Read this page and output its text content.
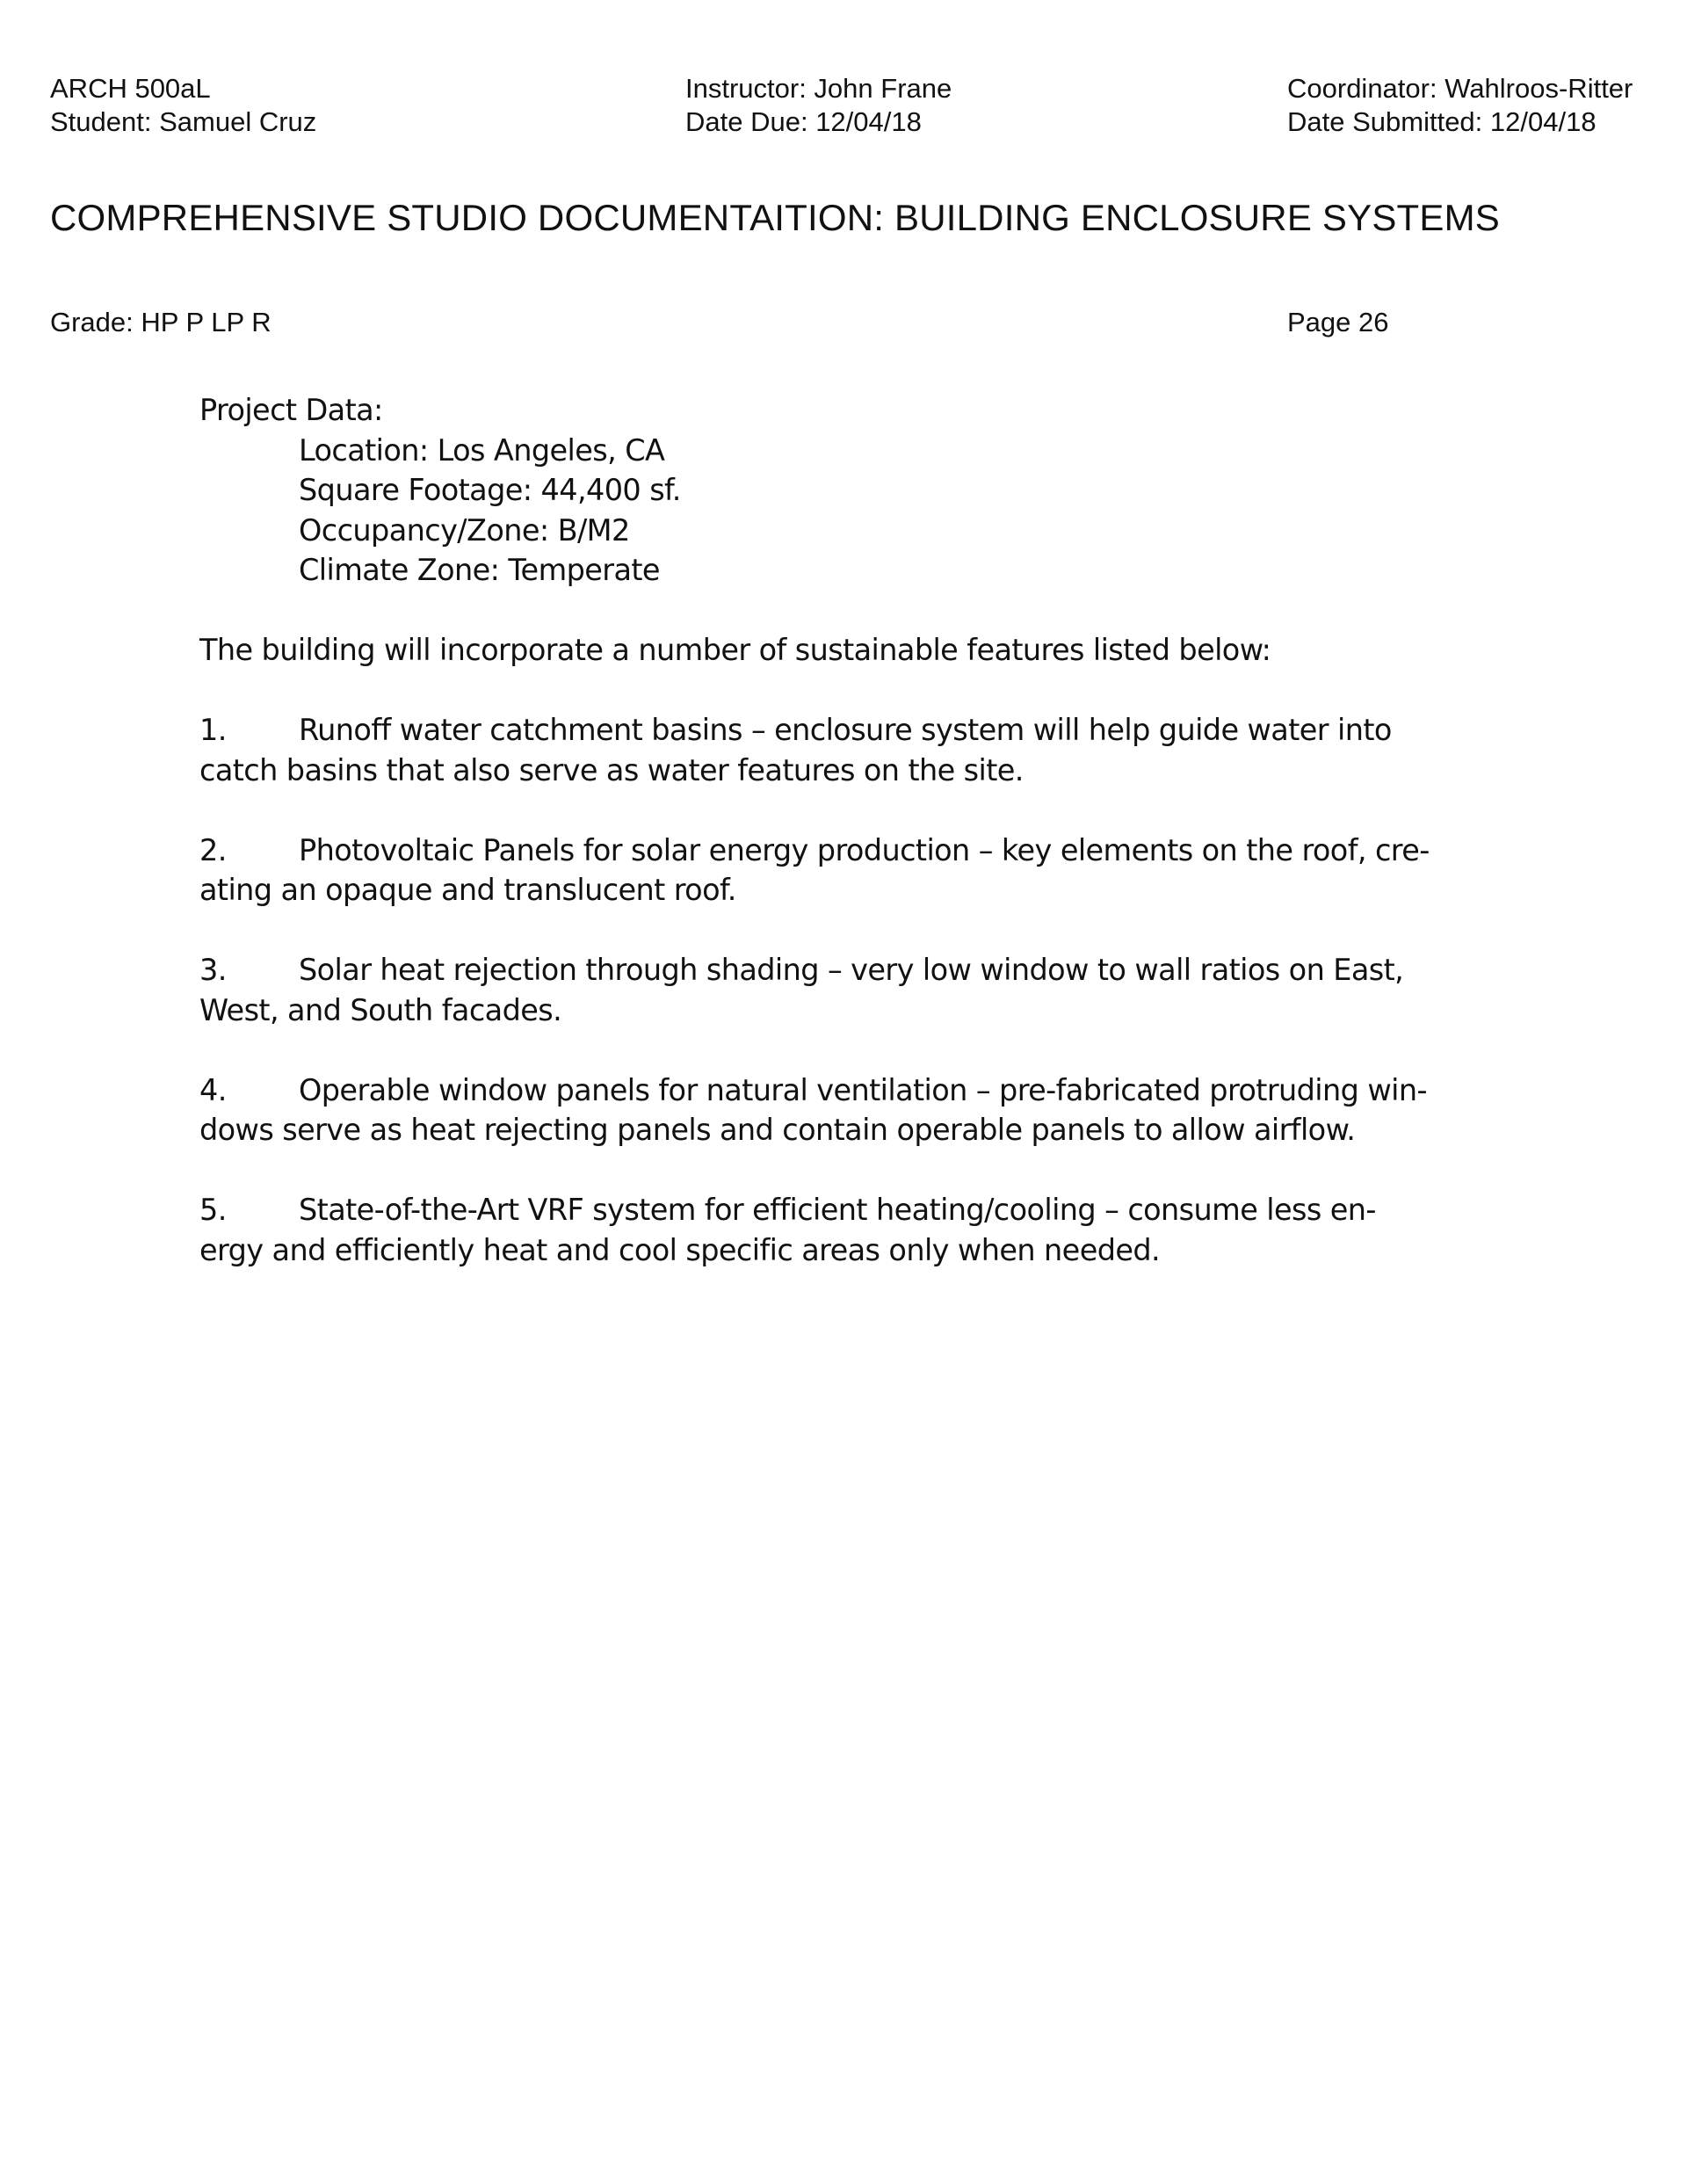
ARCH 500aL
Student: Samuel Cruz
Instructor: John Frane
Date Due: 12/04/18
Coordinator: Wahlroos-Ritter
Date Submitted: 12/04/18
COMPREHENSIVE STUDIO DOCUMENTAITION: BUILDING ENCLOSURE SYSTEMS
Grade: HP P LP R	Page 26
Project Data:
Location: Los Angeles, CA
Square Footage: 44,400 sf.
Occupancy/Zone: B/M2
Climate Zone: Temperate
The building will incorporate a number of sustainable features listed below:
1. Runoff water catchment basins – enclosure system will help guide water into
catch basins that also serve as water features on the site.
2. Photovoltaic Panels for solar energy production – key elements on the roof, cre-
ating an opaque and translucent roof.
3. Solar heat rejection through shading – very low window to wall ratios on East,
West, and South facades.
4. Operable window panels for natural ventilation – pre-fabricated protruding win-
dows serve as heat rejecting panels and contain operable panels to allow airflow.
5. State-of-the-Art VRF system for efficient heating/cooling – consume less en-
ergy and efficiently heat and cool specific areas only when needed.
